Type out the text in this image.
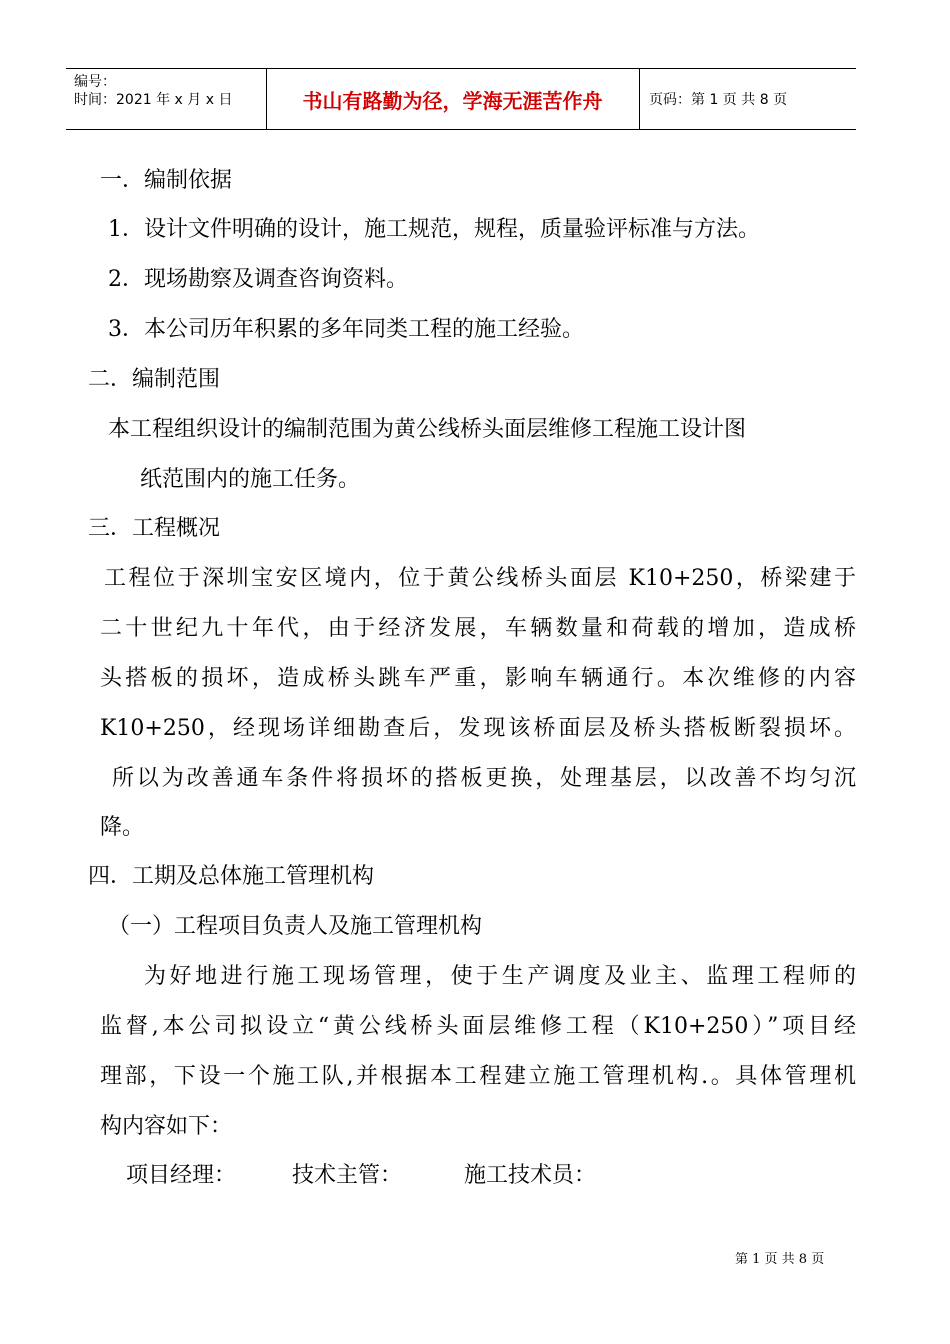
编号：
时间：2021 年 x 月 x 日	书山有路勤为径，学海无涯苦作舟	页码：第 1 页 共 8 页
一．编制依据
1．设计文件明确的设计，施工规范，规程，质量验评标准与方法。
2．现场勘察及调查咨询资料。
3．本公司历年积累的多年同类工程的施工经验。
二．编制范围
本工程组织设计的编制范围为黄公线桥头面层维修工程施工设计图
纸范围内的施工任务。
三．工程概况
工程位于深圳宝安区境内，位于黄公线桥头面层 K10+250，桥梁建于
二十世纪九十年代，由于经济发展，车辆数量和荷载的增加，造成桥
头搭板的损坏，造成桥头跳车严重，影响车辆通行。本次维修的内容
K10+250，经现场详细勘查后，发现该桥面层及桥头搭板断裂损坏。
所以为改善通车条件将损坏的搭板更换，处理基层，以改善不均匀沉
降。
四．工期及总体施工管理机构
（一）工程项目负责人及施工管理机构
为好地进行施工现场管理，使于生产调度及业主、监理工程师的
监督,本公司拟设立“黄公线桥头面层维修工程（K10+250）”项目经
理部，下设一个施工队,并根据本工程建立施工管理机构.。具体管理机
构内容如下：
项目经理：	技术主管：	施工技术员：
第 1 页 共 8 页
